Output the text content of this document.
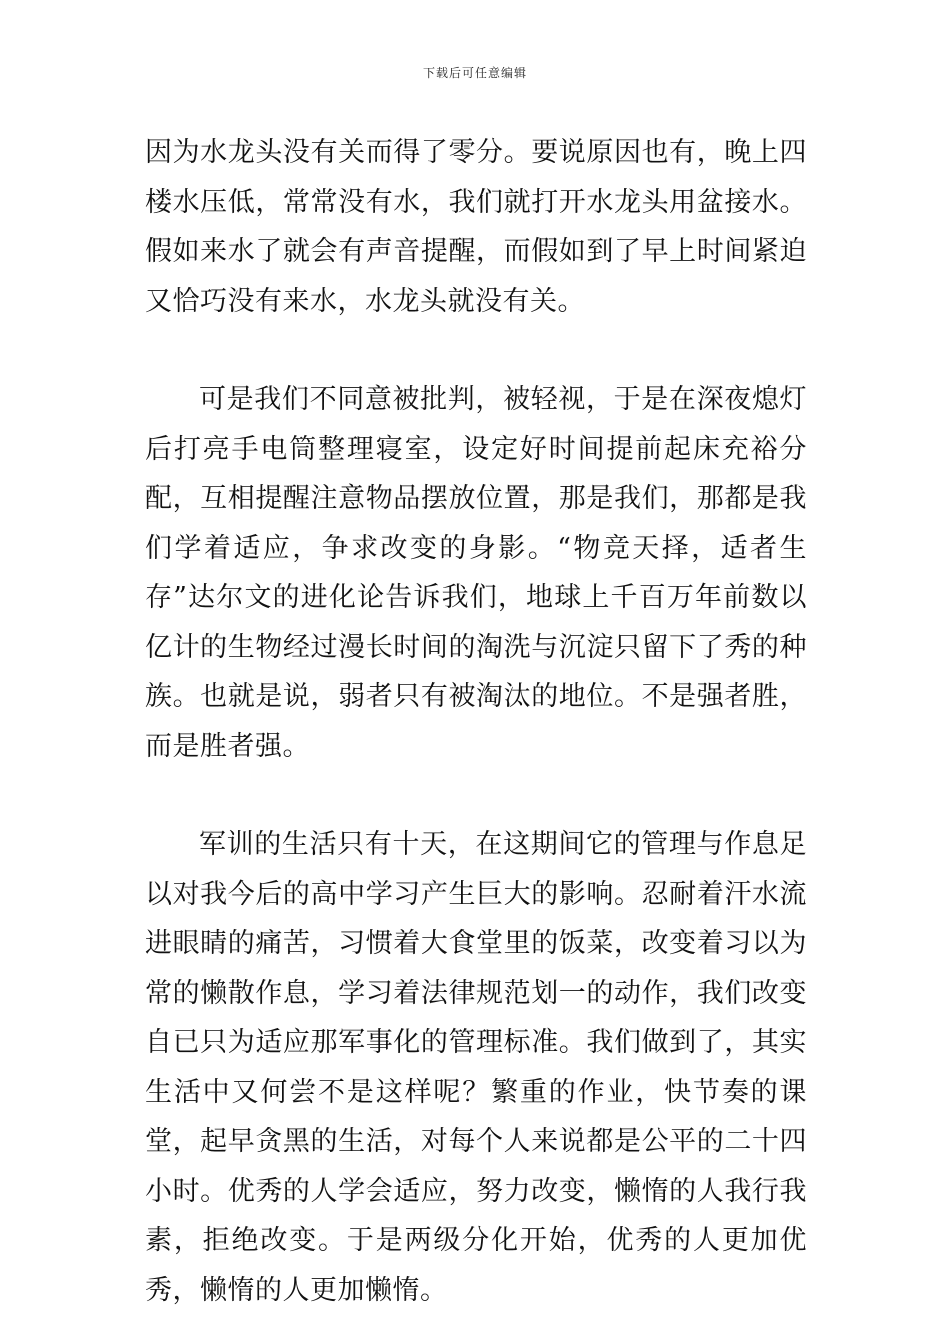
下载后可任意编辑

因为水龙头没有关而得了零分。要说原因也有，晚上四楼水压低，常常没有水，我们就打开水龙头用盆接水。假如来水了就会有声音提醒，而假如到了早上时间紧迫又恰巧没有来水，水龙头就没有关。

可是我们不同意被批判，被轻视，于是在深夜熄灯后打亮手电筒整理寝室，设定好时间提前起床充裕分配，互相提醒注意物品摆放位置，那是我们，那都是我们学着适应，争求改变的身影。“物竞天择，适者生存”达尔文的进化论告诉我们，地球上千百万年前数以亿计的生物经过漫长时间的淘洗与沉淀只留下了秀的种族。也就是说，弱者只有被淘汰的地位。不是强者胜，而是胜者强。

军训的生活只有十天，在这期间它的管理与作息足以对我今后的高中学习产生巨大的影响。忍耐着汗水流进眼睛的痛苦，习惯着大食堂里的饭菜，改变着习以为常的懒散作息，学习着法律规范划一的动作，我们改变自已只为适应那军事化的管理标准。我们做到了，其实生活中又何尝不是这样呢？繁重的作业，快节奏的课堂，起早贪黑的生活，对每个人来说都是公平的二十四小时。优秀的人学会适应，努力改变，懒惰的人我行我素，拒绝改变。于是两级分化开始，优秀的人更加优秀，懒惰的人更加懒惰。
